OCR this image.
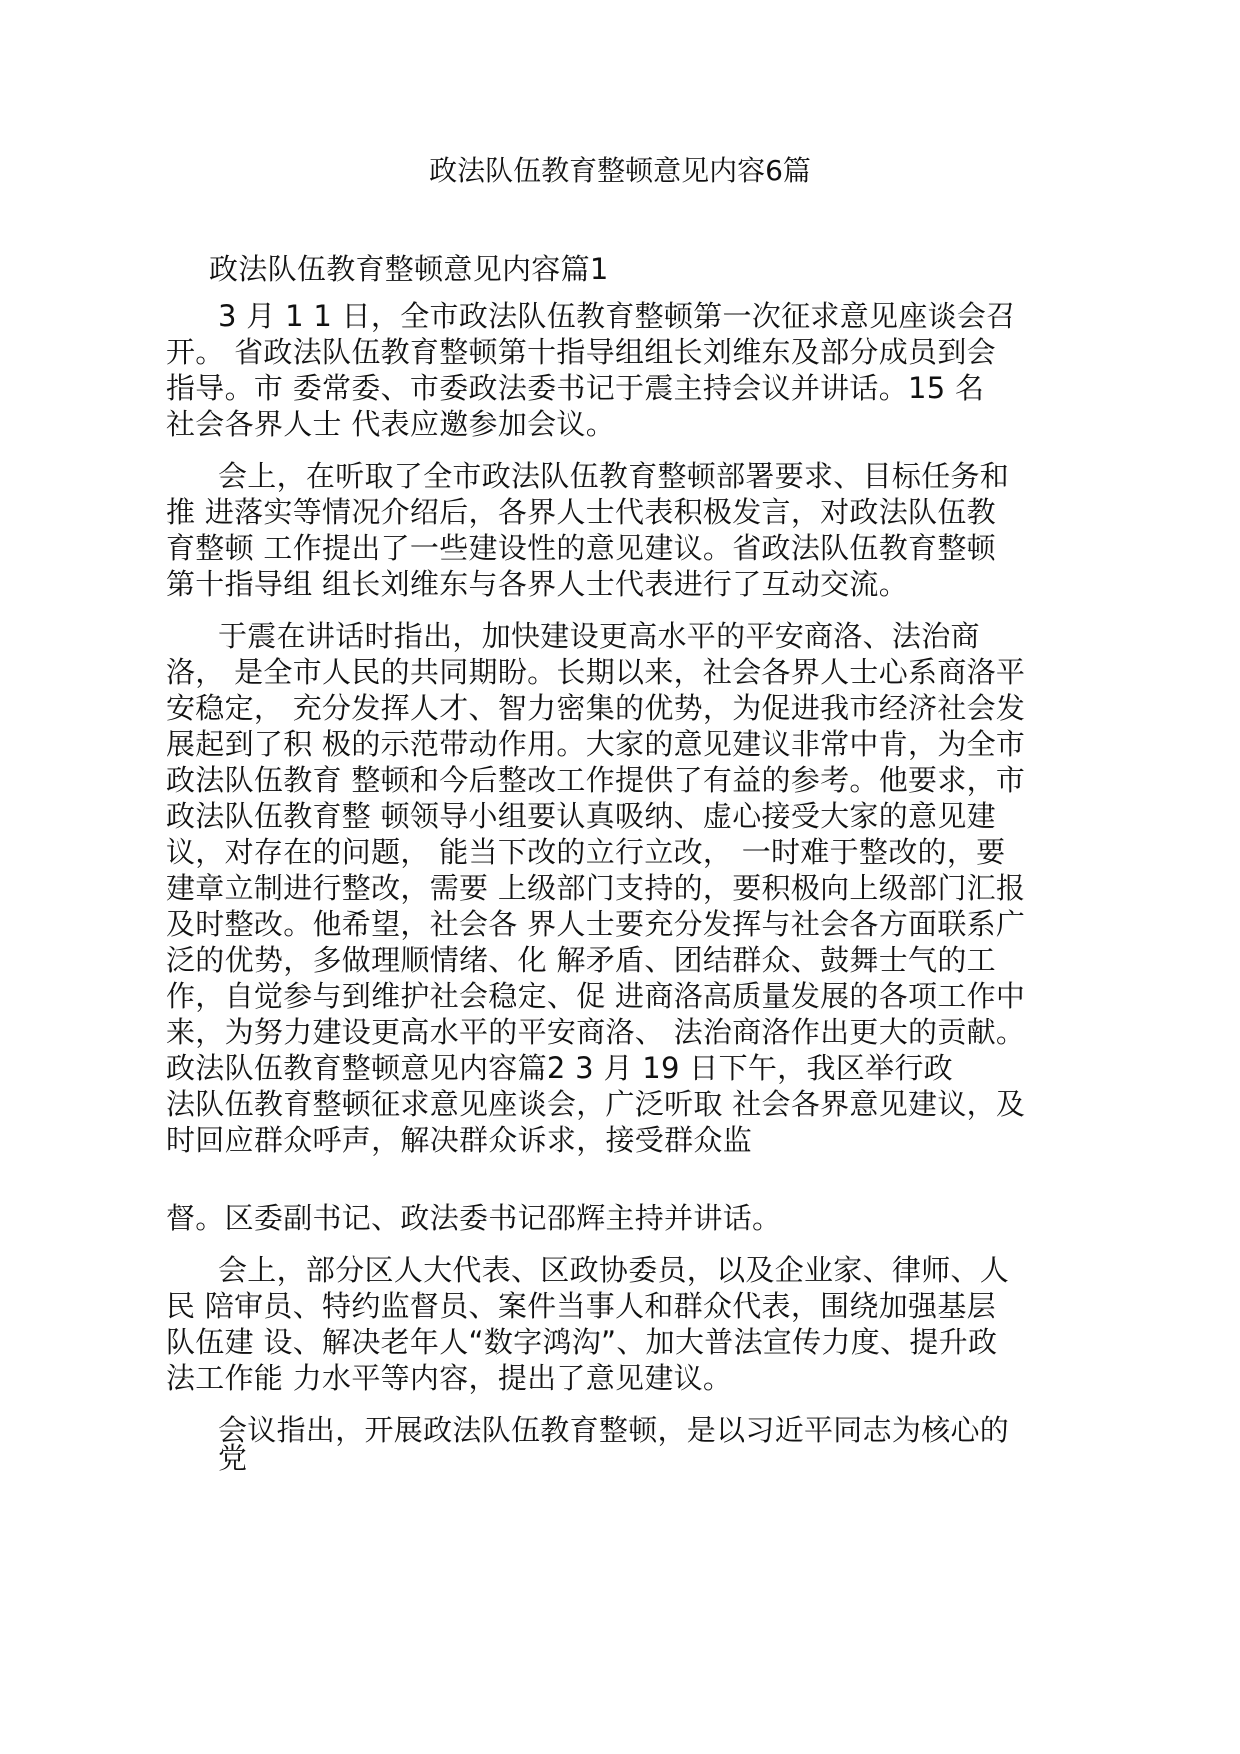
政法队伍教育整顿意见内容6篇

政法队伍教育整顿意见内容篇1

3 月 1 1 日，全市政法队伍教育整顿第一次征求意见座谈会召

开。 省政法队伍教育整顿第十指导组组长刘维东及部分成员到会

指导。市 委常委、市委政法委书记于震主持会议并讲话。15 名

社会各界人士 代表应邀参加会议。

会上，在听取了全市政法队伍教育整顿部署要求、目标任务和

推 进落实等情况介绍后，各界人士代表积极发言，对政法队伍教

育整顿 工作提出了一些建设性的意见建议。省政法队伍教育整顿

第十指导组 组长刘维东与各界人士代表进行了互动交流。

于震在讲话时指出，加快建设更高水平的平安商洛、法治商

洛， 是全市人民的共同期盼。长期以来，社会各界人士心系商洛平

安稳定， 充分发挥人才、智力密集的优势，为促进我市经济社会发

展起到了积 极的示范带动作用。大家的意见建议非常中肯，为全市

政法队伍教育 整顿和今后整改工作提供了有益的参考。他要求，市

政法队伍教育整 顿领导小组要认真吸纳、虚心接受大家的意见建

议，对存在的问题， 能当下改的立行立改， 一时难于整改的，要

建章立制进行整改，需要 上级部门支持的，要积极向上级部门汇报

及时整改。他希望，社会各 界人士要充分发挥与社会各方面联系广

泛的优势，多做理顺情绪、化 解矛盾、团结群众、鼓舞士气的工

作，自觉参与到维护社会稳定、促 进商洛高质量发展的各项工作中

来，为努力建设更高水平的平安商洛、 法治商洛作出更大的贡献。

政法队伍教育整顿意见内容篇2 3 月 19 日下午，我区举行政

法队伍教育整顿征求意见座谈会，广泛听取 社会各界意见建议，及

时回应群众呼声，解决群众诉求，接受群众监

督。区委副书记、政法委书记邵辉主持并讲话。

会上，部分区人大代表、区政协委员，以及企业家、律师、人

民 陪审员、特约监督员、案件当事人和群众代表，围绕加强基层

队伍建 设、解决老年人“数字鸿沟”、加大普法宣传力度、提升政

法工作能 力水平等内容，提出了意见建议。

会议指出，开展政法队伍教育整顿，是以习近平同志为核心的

党
